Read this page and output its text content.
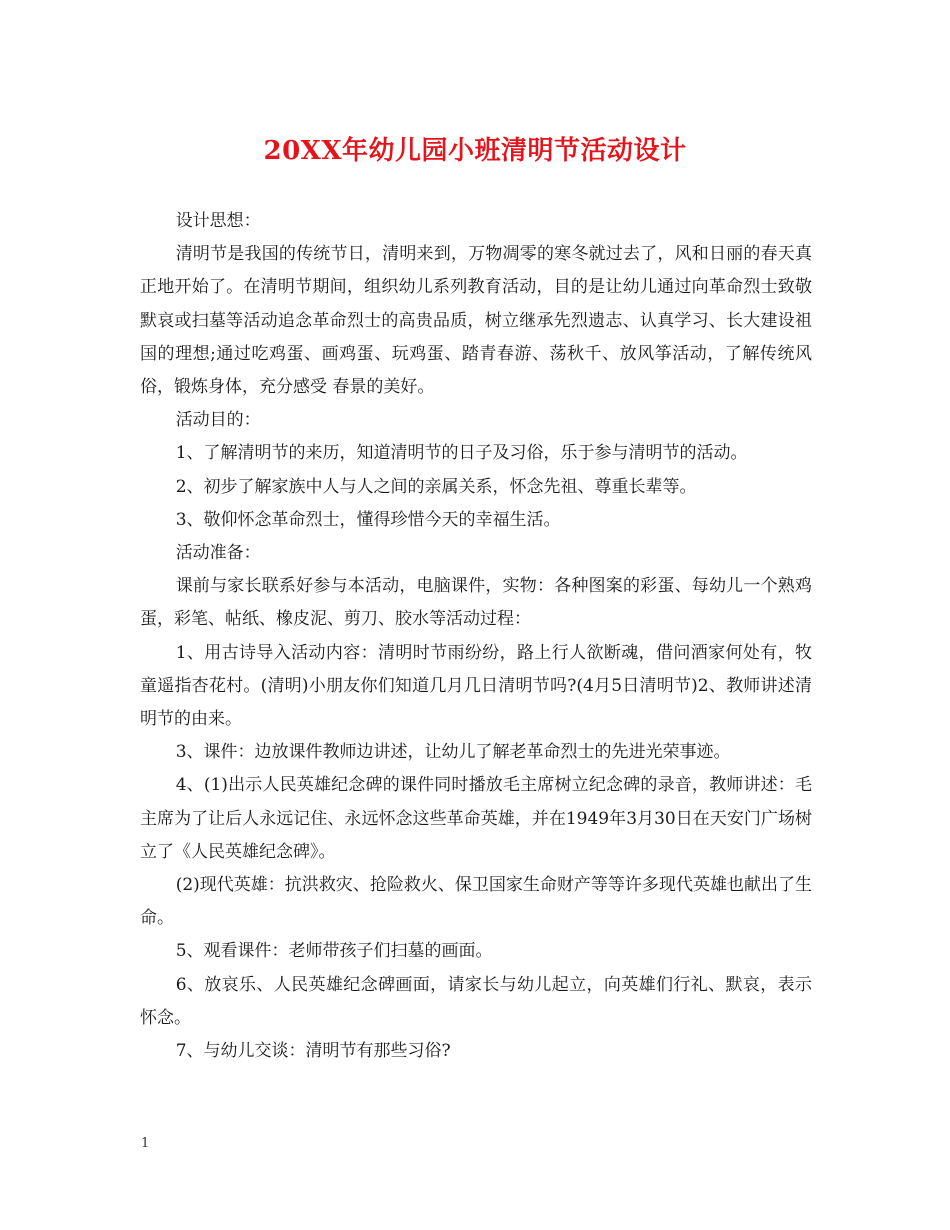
20XX年幼儿园小班清明节活动设计

设计思想：

清明节是我国的传统节日，清明来到，万物凋零的寒冬就过去了，风和日丽的春天真正地开始了。在清明节期间，组织幼儿系列教育活动，目的是让幼儿通过向革命烈士致敬默哀或扫墓等活动追念革命烈士的高贵品质，树立继承先烈遗志、认真学习、长大建设祖国的理想;通过吃鸡蛋、画鸡蛋、玩鸡蛋、踏青春游、荡秋千、放风筝活动，了解传统风俗，锻炼身体，充分感受 春景的美好。

活动目的：

1、了解清明节的来历，知道清明节的日子及习俗，乐于参与清明节的活动。

2、初步了解家族中人与人之间的亲属关系，怀念先祖、尊重长辈等。

3、敬仰怀念革命烈士，懂得珍惜今天的幸福生活。

活动准备：

课前与家长联系好参与本活动，电脑课件，实物：各种图案的彩蛋、每幼儿一个熟鸡蛋，彩笔、帖纸、橡皮泥、剪刀、胶水等活动过程：

1、用古诗导入活动内容：清明时节雨纷纷，路上行人欲断魂，借问酒家何处有，牧童遥指杏花村。(清明)小朋友你们知道几月几日清明节吗?(4月5日清明节)2、教师讲述清明节的由来。

3、课件：边放课件教师边讲述，让幼儿了解老革命烈士的先进光荣事迹。

4、(1)出示人民英雄纪念碑的课件同时播放毛主席树立纪念碑的录音，教师讲述：毛主席为了让后人永远记住、永远怀念这些革命英雄，并在1949年3月30日在天安门广场树立了《人民英雄纪念碑》。

(2)现代英雄：抗洪救灾、抢险救火、保卫国家生命财产等等许多现代英雄也献出了生命。

5、观看课件：老师带孩子们扫墓的画面。

6、放哀乐、人民英雄纪念碑画面，请家长与幼儿起立，向英雄们行礼、默哀，表示怀念。

7、与幼儿交谈：清明节有那些习俗?

1
